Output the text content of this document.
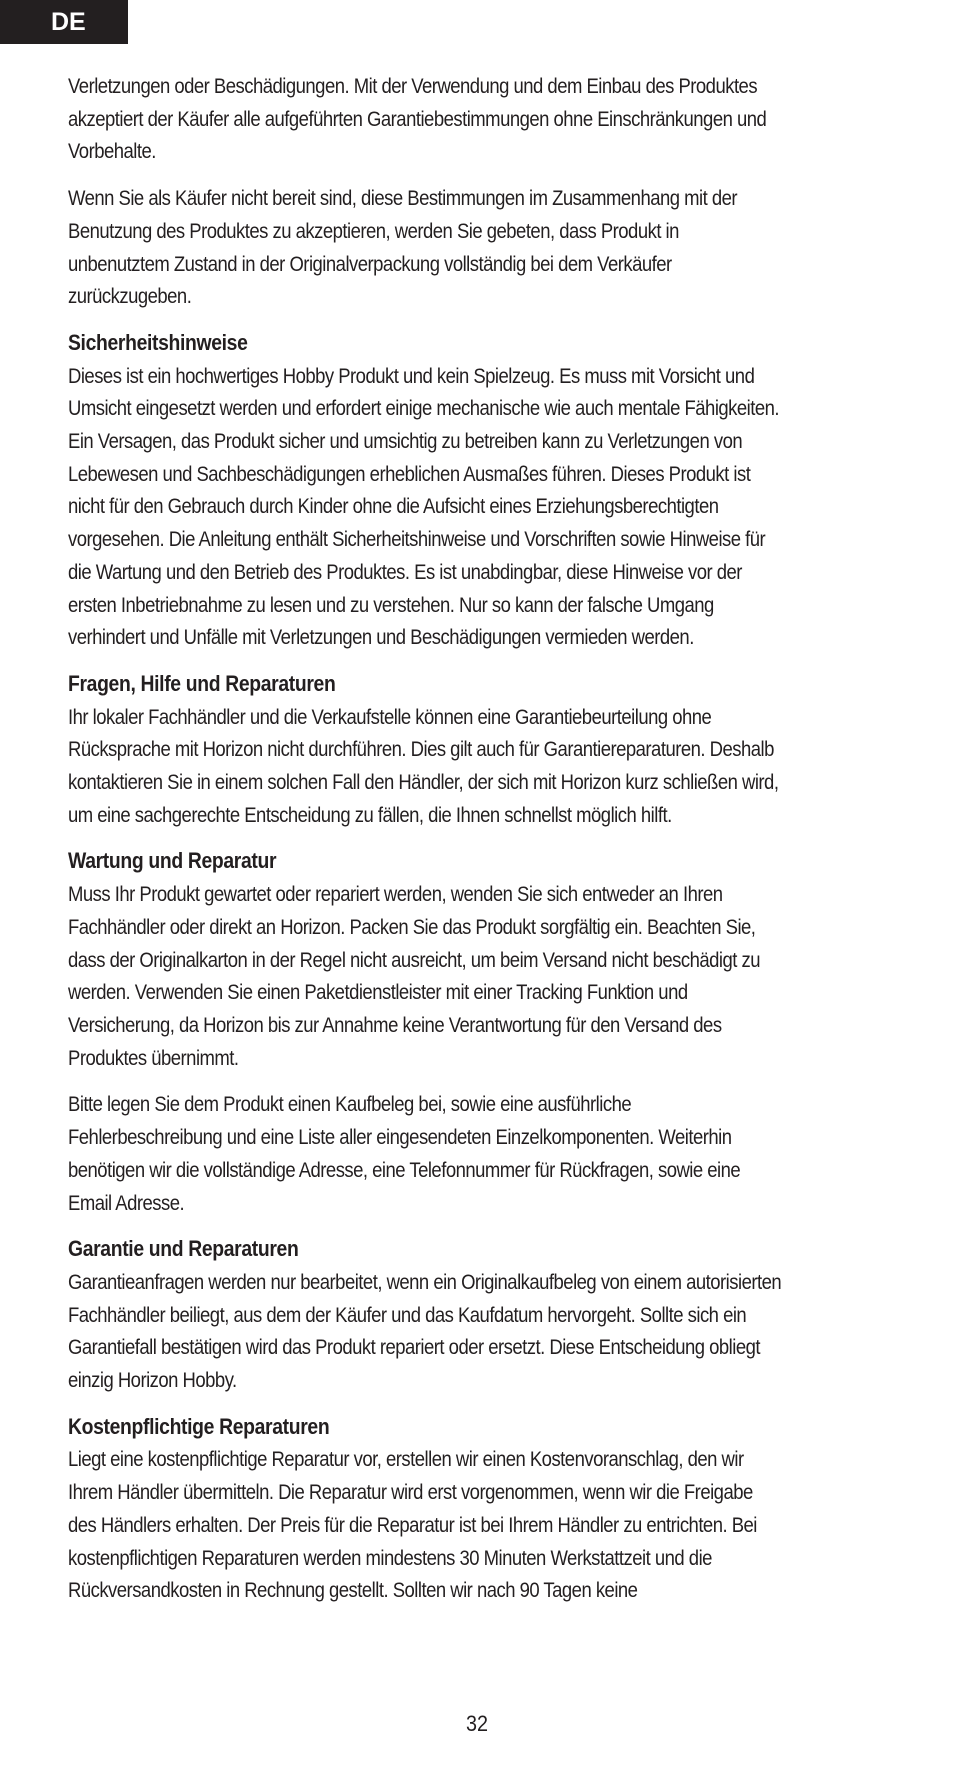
DE

Verletzungen oder Beschädigungen. Mit der Verwendung und dem Einbau des Produktes akzeptiert der Käufer alle aufgeführten Garantiebestimmungen ohne Einschränkungen und Vorbehalte.

Wenn Sie als Käufer nicht bereit sind, diese Bestimmungen im Zusammenhang mit der Benutzung des Produktes zu akzeptieren, werden Sie gebeten, dass Produkt in unbenutztem Zustand in der Originalverpackung vollständig bei dem Verkäufer zurückzugeben.

Sicherheitshinweise

Dieses ist ein hochwertiges Hobby Produkt und kein Spielzeug. Es muss mit Vorsicht und Umsicht eingesetzt werden und erfordert einige mechanische wie auch mentale Fähigkeiten. Ein Versagen, das Produkt sicher und umsichtig zu betreiben kann zu Verletzungen von Lebewesen und Sachbeschädigungen erheblichen Ausmaßes führen. Dieses Produkt ist nicht für den Gebrauch durch Kinder ohne die Aufsicht eines Erziehungsberechtigten vorgesehen. Die Anleitung enthält Sicherheitshinweise und Vorschriften sowie Hinweise für die Wartung und den Betrieb des Produktes. Es ist unabdingbar, diese Hinweise vor der ersten Inbetriebnahme zu lesen und zu verstehen. Nur so kann der falsche Umgang verhindert und Unfälle mit Verletzungen und Beschädigungen vermieden werden.

Fragen, Hilfe und Reparaturen

Ihr lokaler Fachhändler und die Verkaufstelle können eine Garantiebeurteilung ohne Rücksprache mit Horizon nicht durchführen. Dies gilt auch für Garantiereparaturen. Deshalb kontaktieren Sie in einem solchen Fall den Händler, der sich mit Horizon kurz schließen wird, um eine sachgerechte Entscheidung zu fällen, die Ihnen schnellst möglich hilft.

Wartung und Reparatur

Muss Ihr Produkt gewartet oder repariert werden, wenden Sie sich entweder an Ihren Fachhändler oder direkt an Horizon. Packen Sie das Produkt sorgfältig ein. Beachten Sie, dass der Originalkarton in der Regel nicht ausreicht, um beim Versand nicht beschädigt zu werden. Verwenden Sie einen Paketdienstleister mit einer Tracking Funktion und Versicherung, da Horizon bis zur Annahme keine Verantwortung für den Versand des Produktes übernimmt.

Bitte legen Sie dem Produkt einen Kaufbeleg bei, sowie eine ausführliche Fehlerbeschreibung und eine Liste aller eingesendeten Einzelkomponenten. Weiterhin benötigen wir die vollständige Adresse, eine Telefonnummer für Rückfragen, sowie eine Email Adresse.

Garantie und Reparaturen

Garantieanfragen werden nur bearbeitet, wenn ein Originalkaufbeleg von einem autorisierten Fachhändler beiliegt, aus dem der Käufer und das Kaufdatum hervorgeht. Sollte sich ein Garantiefall bestätigen wird das Produkt repariert oder ersetzt. Diese Entscheidung obliegt einzig Horizon Hobby.

Kostenpflichtige Reparaturen

Liegt eine kostenpflichtige Reparatur vor, erstellen wir einen Kostenvoranschlag, den wir Ihrem Händler übermitteln. Die Reparatur wird erst vorgenommen, wenn wir die Freigabe des Händlers erhalten. Der Preis für die Reparatur ist bei Ihrem Händler zu entrichten. Bei kostenpflichtigen Reparaturen werden mindestens 30 Minuten Werkstattzeit und die Rückversandkosten in Rechnung gestellt. Sollten wir nach 90 Tagen keine

32
